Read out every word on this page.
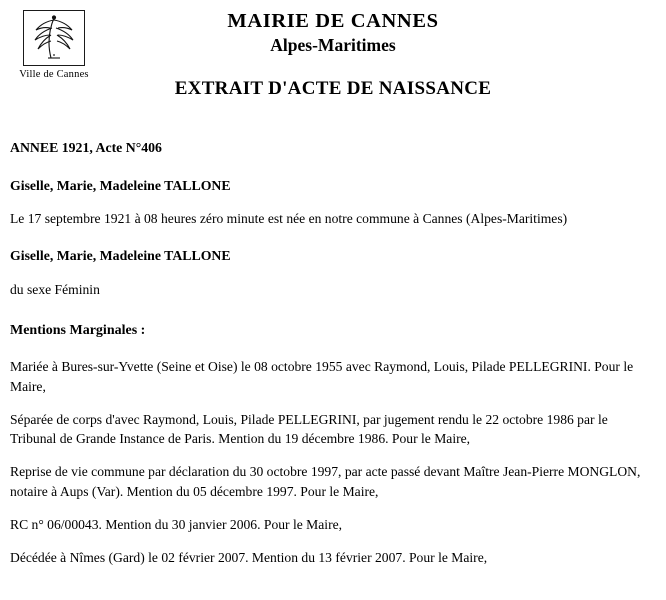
Ville de Cannes
MAIRIE DE CANNES
Alpes-Maritimes
EXTRAIT D'ACTE DE NAISSANCE
ANNEE 1921, Acte N°406
Giselle, Marie, Madeleine TALLONE
Le 17 septembre 1921 à 08 heures zéro minute est née en notre commune à Cannes (Alpes-Maritimes)
Giselle, Marie, Madeleine TALLONE
du sexe Féminin
Mentions Marginales :
Mariée à Bures-sur-Yvette (Seine et Oise) le 08 octobre 1955 avec Raymond, Louis, Pilade PELLEGRINI. Pour le Maire,
Séparée de corps d'avec Raymond, Louis, Pilade PELLEGRINI, par jugement rendu le 22 octobre 1986 par le Tribunal de Grande Instance de Paris. Mention du 19 décembre 1986. Pour le Maire,
Reprise de vie commune par déclaration du 30 octobre 1997, par acte passé devant Maître Jean-Pierre MONGLON, notaire à Aups (Var). Mention du 05 décembre 1997. Pour le Maire,
RC n° 06/00043. Mention du 30 janvier 2006. Pour le Maire,
Décédée à Nîmes (Gard) le 02 février 2007. Mention du 13 février 2007. Pour le Maire,
